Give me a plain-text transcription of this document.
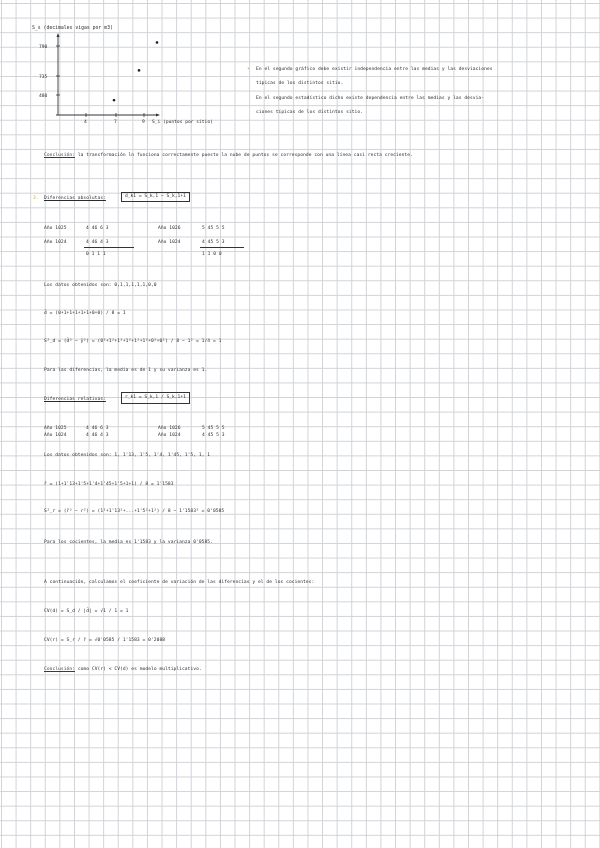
S_s (decimales vigas por m3)
790
735
480
4	7	9 S_i (puntos por sitio)
• En el segundo gráfico debe existir independencia entre las medias y las desviaciones
típicas de los distintos sitio.
En el segundo estadístico dicho existe dependencia entre las medias y las desvia-
ciones típicas de los distintos sitio.
Conclusión: la transformación ln funciona correctamente puesto la nube de puntos se corresponde con una línea casi recta creciente.
3. Diferencias absolutas:	d_k1 = S_k,1 − S_k,1+1
Año 1025	4 46 6 3
Año 1024	4 46 4 3
0 1 1 1
Año 1026	5 45 5 5
Año 1024	4 45 5 3
1 1 0 0
Los datos obtenidos son: 0,1,1,1,1,1,0,0
d̄ = (0+1+1+1+1+1+0+0) / 8 = 1
S²_d = (d̄² − ȳ²) = (0²+1²+1²+1²+1²+1²+0²+0²) / 8 − 1² = 1/4 = 1
Para las diferencias, la media es de 1 y su varianza es 1.
Diferencias relativas:	r_k1 = S_k,1 / S_k,1+1
Año 1025	4 46 6 3
Año 1024	4 46 4 3
Año 1026	5 45 5 5
Año 1024	4 45 5 3
Los datos obtenidos son: 1, 1'13, 1'5, 1'4, 1'45, 1'5, 1, 1
r̄ = (1+1'13+1'5+1'4+1'45+1'5+1+1) / 8 = 1'1583
S²_r = (r̄² − r²) = (1²+1'13²+...+1'5²+1²) / 8 − 1'1583² = 0'0585
Para los cocientes, la media es 1'1583 y la varianza 0'0585.
A continuación, calculamos el coeficiente de variación de las diferencias y el de los cocientes:
CV(d) = S_d / |d̄| = √1 / 1 = 1
CV(r) = S_r / r̄ = √0'0585 / 1'1583 = 0'2088
Conclusión: como CV(r) < CV(d) es modelo multiplicativo.
